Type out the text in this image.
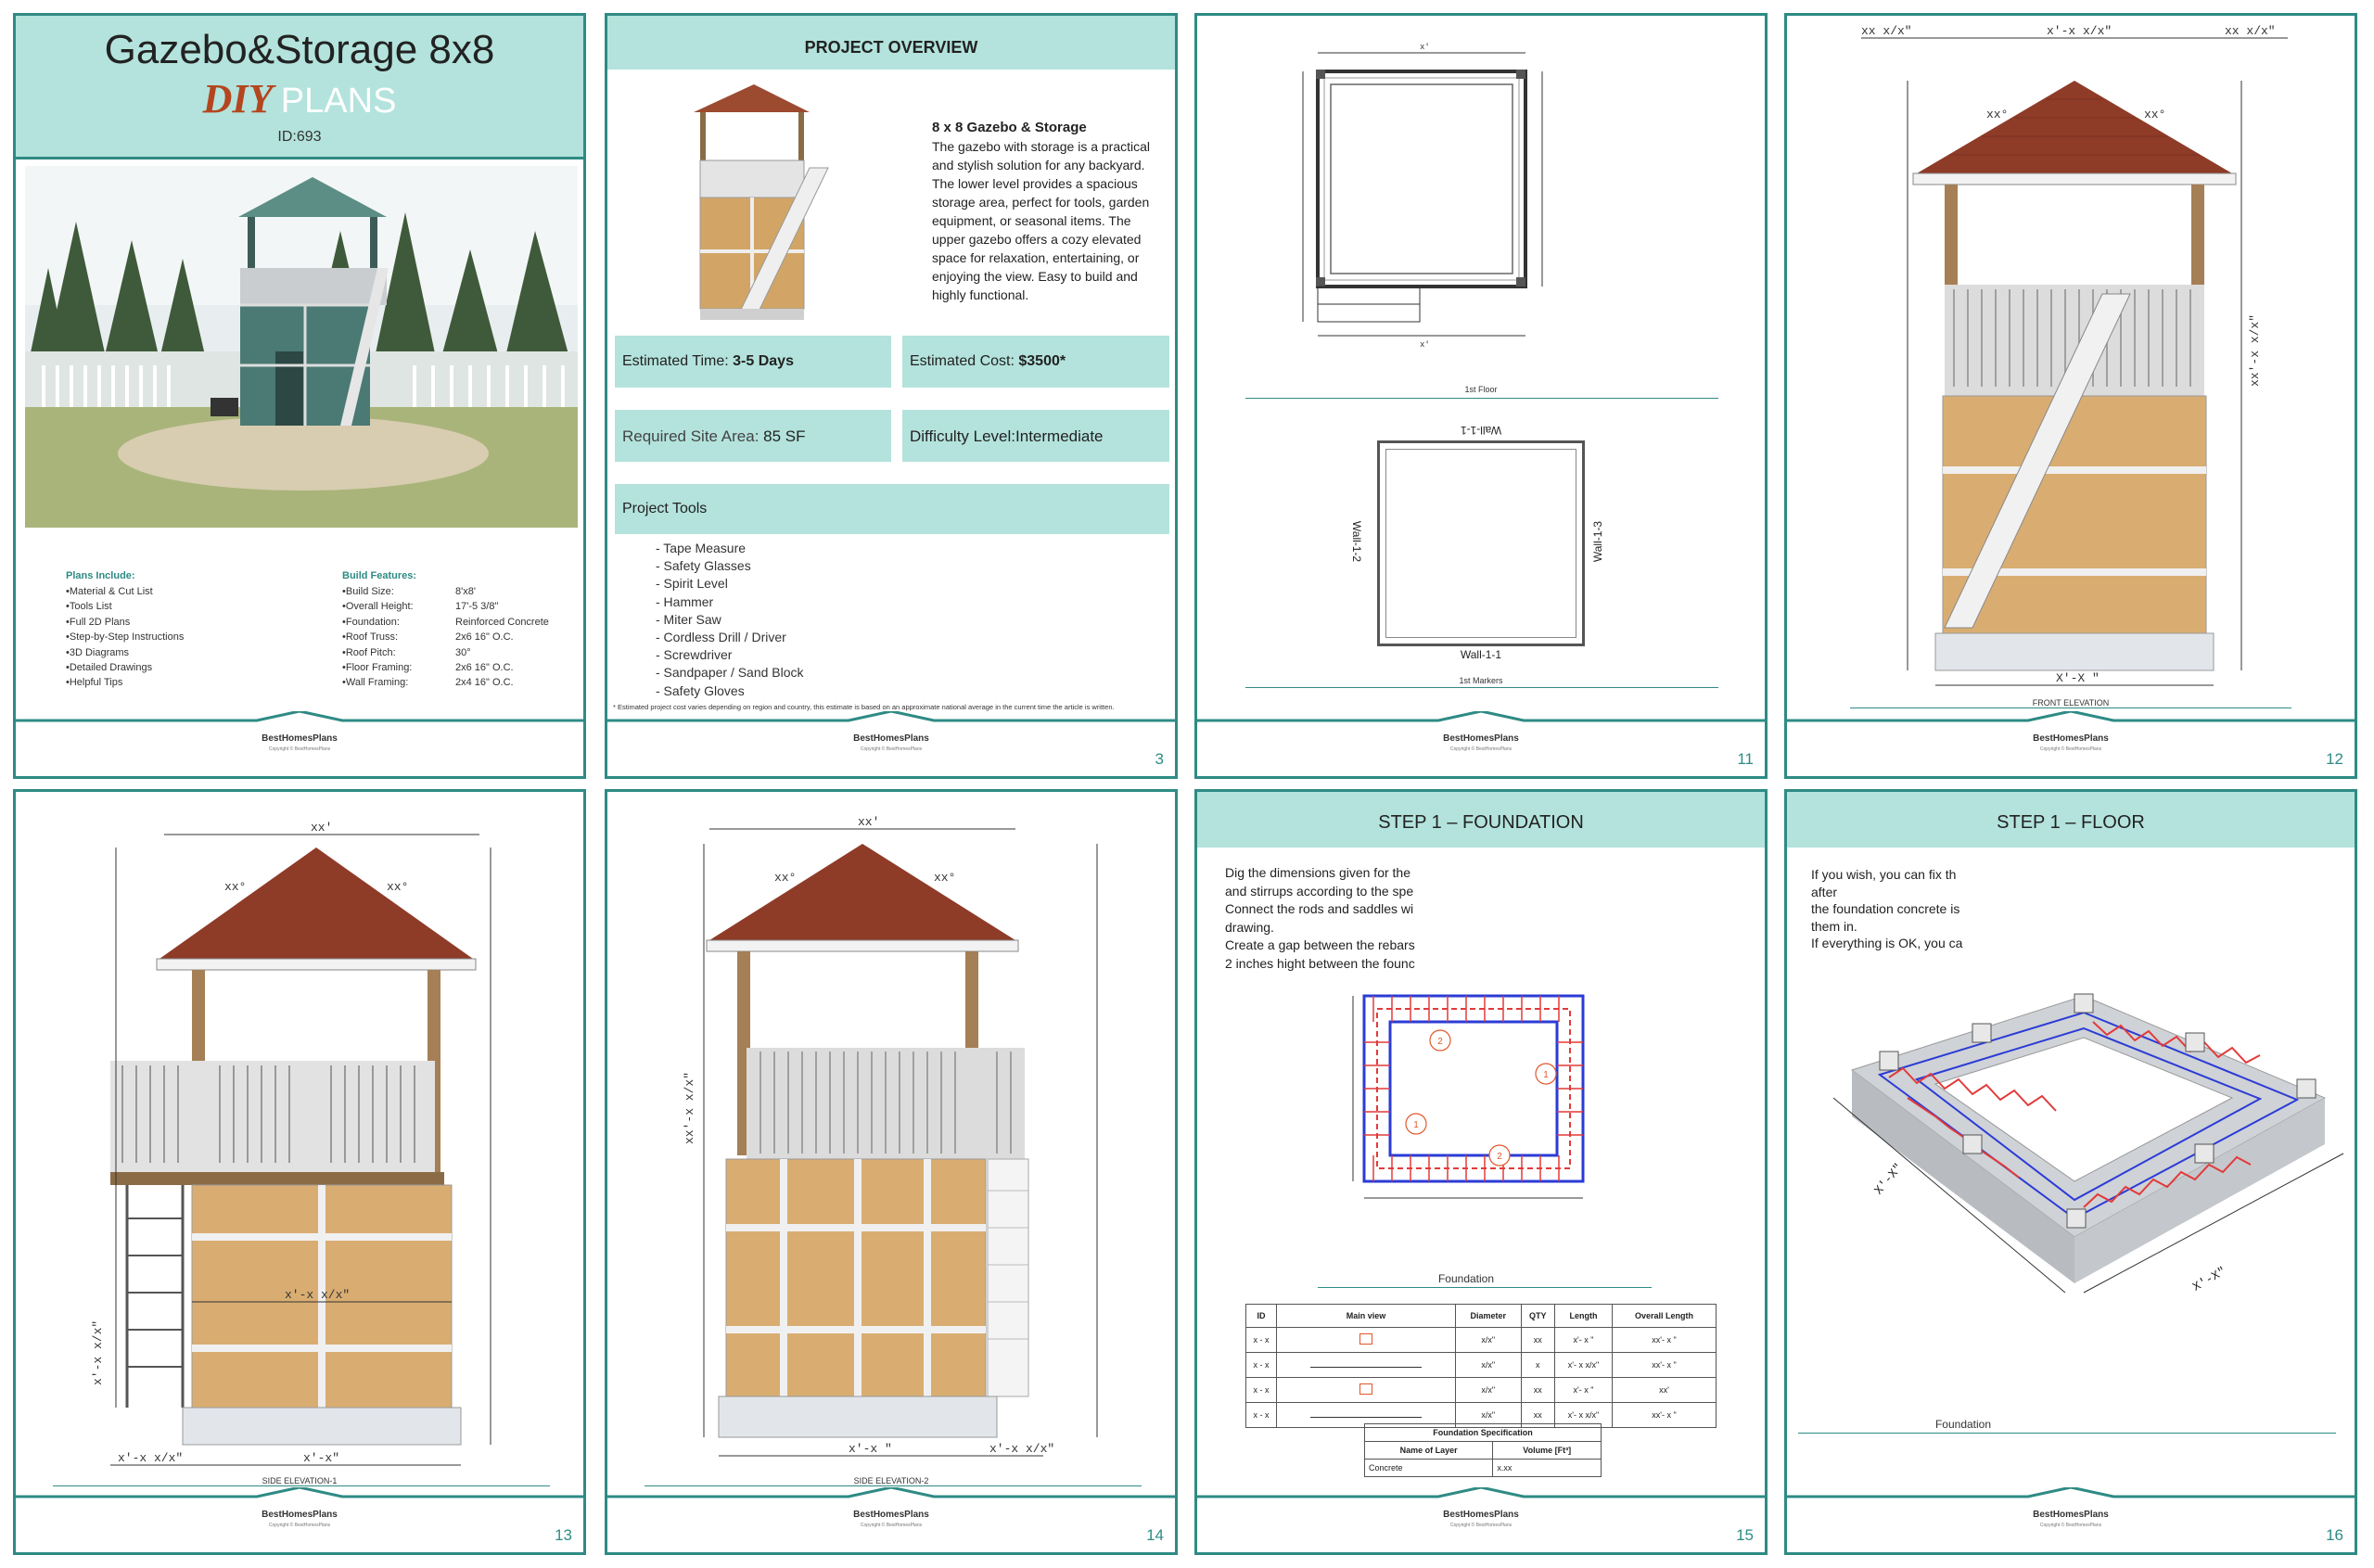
Gazebo&Storage 8x8
DIY PLANS
ID:693
Plans Include:
•Material & Cut List
•Tools List
•Full 2D Plans
•Step-by-Step Instructions
•3D Diagrams
•Detailed Drawings
•Helpful Tips
Build Features:
•Build Size:	8'x8'
•Overall Height:	17'-5 3/8"
•Foundation:	Reinforced Concrete
•Roof Truss:	2x6 16" O.C.
•Roof Pitch:	30°
•Floor Framing:	2x6 16" O.C.
•Wall Framing:	2x4 16" O.C.
BestHomesPlans
Copyright © BestHomesPlans
PROJECT OVERVIEW
8 x 8 Gazebo & Storage
The gazebo with storage is a practical and stylish solution for any backyard. The lower level provides a spacious storage area, perfect for tools, garden equipment, or seasonal items. The upper gazebo offers a cozy elevated space for relaxation, entertaining, or enjoying the view. Easy to build and highly functional.
Estimated Time: 3-5 Days	Estimated Cost: $3500*
Required Site Area: 85 SF	Difficulty Level:Intermediate
Project Tools
- Tape Measure
- Safety Glasses
- Spirit Level
- Hammer
- Miter Saw
- Cordless Drill / Driver
- Screwdriver
- Sandpaper / Sand Block
- Safety Gloves
* Estimated project cost varies depending on region and country, this estimate is based on an approximate national average in the current time the article is written.
BestHomesPlans
Copyright © BestHomesPlans
3
x'
x'
1st Floor
Wall-1-1
Wall-1-2	Wall-1-3
Wall-1-1
1st Markers
BestHomesPlans
Copyright © BestHomesPlans
11
xx x/x"	x'-x x/x"	xx x/x"
xx°	xx°
X'-X "
xx'-x x/x"
FRONT ELEVATION
BestHomesPlans
Copyright © BestHomesPlans
12
xx'
xx°	xx°
x'-x x/x"
x'-x x/x"	x'-x"
x'-x x/x"
SIDE ELEVATION-1
BestHomesPlans
Copyright © BestHomesPlans
13
xx'
xx°	xx°
x'-x "	x'-x x/x"
xx'-x x/x"
SIDE ELEVATION-2
BestHomesPlans
Copyright © BestHomesPlans
14
STEP 1 – FOUNDATION
Dig the dimensions given for the
and stirrups according to the spe
Connect the rods and saddles wi
drawing.
Create a gap between the rebars
2 inches hight between the founc
2
1
1
2
Foundation
ID	Main view	Diameter	QTY	Length	Overall Length
x - x		x/x"	xx	x'- x "	xx'- x "
x - x		x/x"	x	x'- x x/x"	xx'- x "
x - x		x/x"	xx	x'- x "	xx'
x - x		x/x"	xx	x'- x x/x"	xx'- x "
Foundation Specification	
Name of Layer	Volume [Ft³]
Concrete	x.xx
BestHomesPlans
Copyright © BestHomesPlans
15
STEP 1 – FLOOR
If you wish, you can fix th
after
the foundation concrete is
them in.
If everything is OK, you ca
X'-X"
X'-X"
Foundation
BestHomesPlans
Copyright © BestHomesPlans
16
